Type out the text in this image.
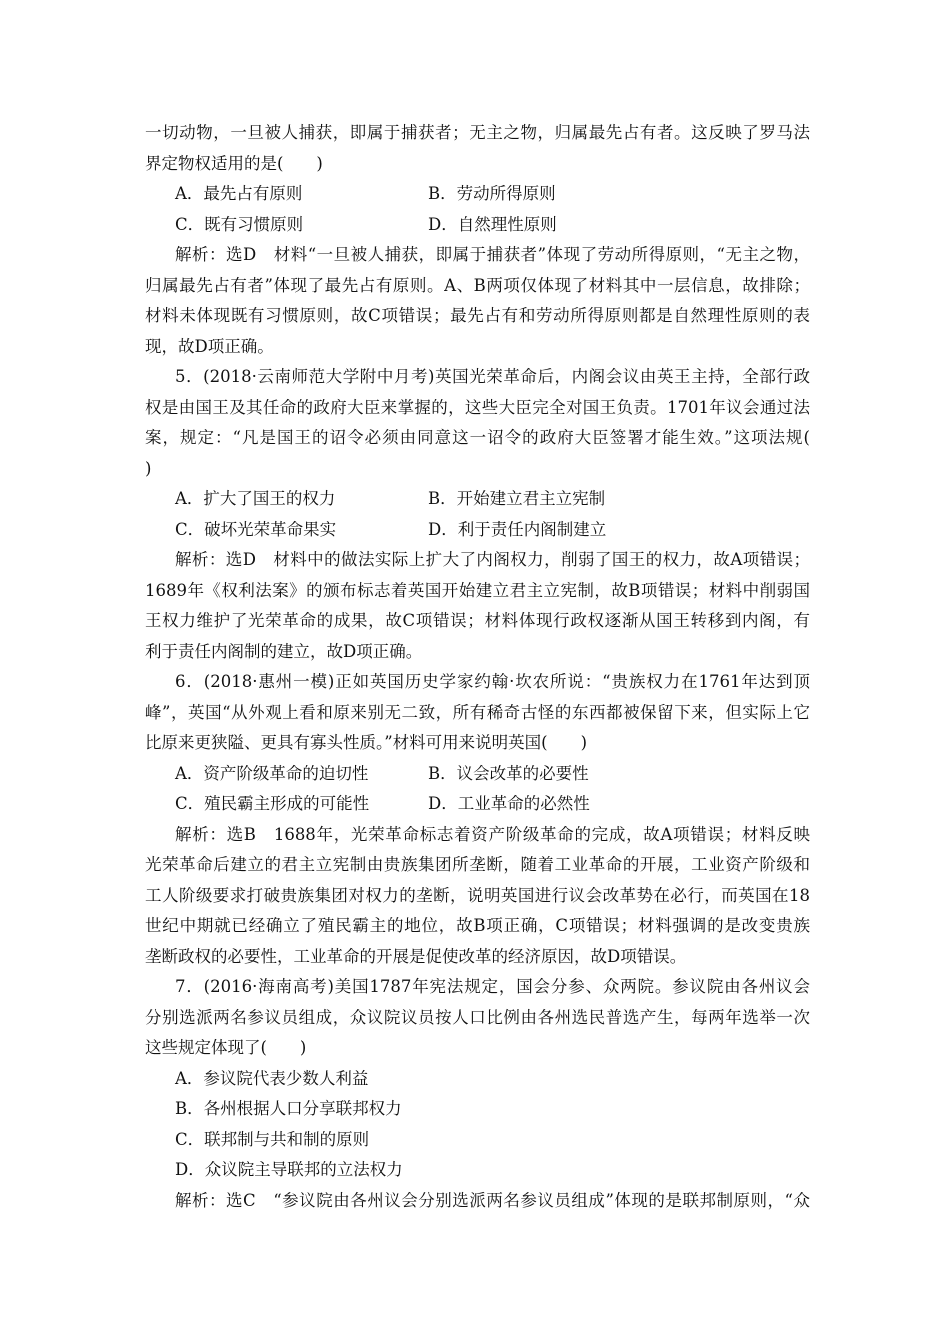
一切动物，一旦被人捕获，即属于捕获者；无主之物，归属最先占有者。这反映了罗马法
界定物权适用的是(　　)
A．最先占有原则	B．劳动所得原则
C．既有习惯原则	D．自然理性原则
解析：选D　材料“一旦被人捕获，即属于捕获者”体现了劳动所得原则，“无主之物，
归属最先占有者”体现了最先占有原则。A、B两项仅体现了材料其中一层信息，故排除；
材料未体现既有习惯原则，故C项错误；最先占有和劳动所得原则都是自然理性原则的表
现，故D项正确。
5．(2018·云南师范大学附中月考)英国光荣革命后，内阁会议由英王主持，全部行政
权是由国王及其任命的政府大臣来掌握的，这些大臣完全对国王负责。1701年议会通过法
案，规定：“凡是国王的诏令必须由同意这一诏令的政府大臣签署才能生效。”这项法规(
)
A．扩大了国王的权力	B．开始建立君主立宪制
C．破坏光荣革命果实	D．利于责任内阁制建立
解析：选D　材料中的做法实际上扩大了内阁权力，削弱了国王的权力，故A项错误；
1689年《权利法案》的颁布标志着英国开始建立君主立宪制，故B项错误；材料中削弱国
王权力维护了光荣革命的成果，故C项错误；材料体现行政权逐渐从国王转移到内阁，有
利于责任内阁制的建立，故D项正确。
6．(2018·惠州一模)正如英国历史学家约翰·坎农所说：“贵族权力在1761年达到顶
峰”，英国“从外观上看和原来别无二致，所有稀奇古怪的东西都被保留下来，但实际上它
比原来更狭隘、更具有寡头性质。”材料可用来说明英国(　　)
A．资产阶级革命的迫切性	B．议会改革的必要性
C．殖民霸主形成的可能性	D．工业革命的必然性
解析：选B　1688年，光荣革命标志着资产阶级革命的完成，故A项错误；材料反映
光荣革命后建立的君主立宪制由贵族集团所垄断，随着工业革命的开展，工业资产阶级和
工人阶级要求打破贵族集团对权力的垄断，说明英国进行议会改革势在必行，而英国在18
世纪中期就已经确立了殖民霸主的地位，故B项正确，C项错误；材料强调的是改变贵族
垄断政权的必要性，工业革命的开展是促使改革的经济原因，故D项错误。
7．(2016·海南高考)美国1787年宪法规定，国会分参、众两院。参议院由各州议会
分别选派两名参议员组成，众议院议员按人口比例由各州选民普选产生，每两年选举一次
这些规定体现了(　　)
A．参议院代表少数人利益
B．各州根据人口分享联邦权力
C．联邦制与共和制的原则
D．众议院主导联邦的立法权力
解析：选C　“参议院由各州议会分别选派两名参议员组成”体现的是联邦制原则，“众
